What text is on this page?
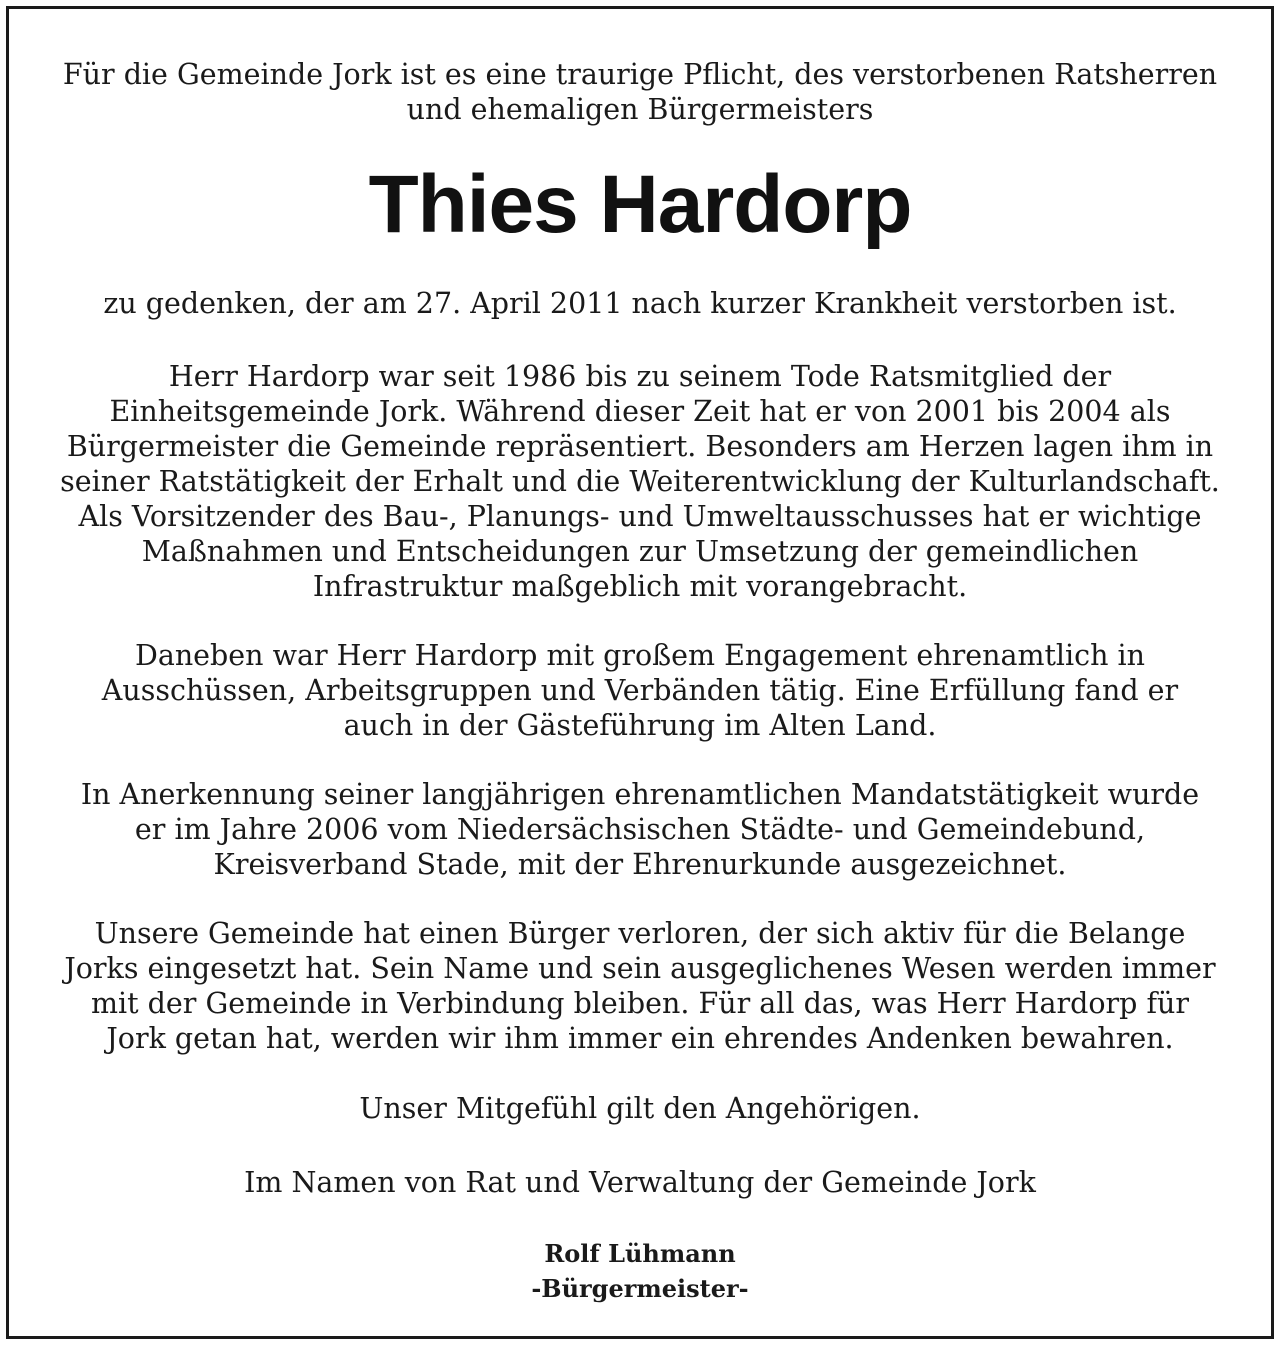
Für die Gemeinde Jork ist es eine traurige Pflicht, des verstorbenen Ratsherren
und ehemaligen Bürgermeisters
Thies Hardorp
zu gedenken, der am 27. April 2011 nach kurzer Krankheit verstorben ist.
Herr Hardorp war seit 1986 bis zu seinem Tode Ratsmitglied der
Einheitsgemeinde Jork. Während dieser Zeit hat er von 2001 bis 2004 als
Bürgermeister die Gemeinde repräsentiert. Besonders am Herzen lagen ihm in
seiner Ratstätigkeit der Erhalt und die Weiterentwicklung der Kulturlandschaft.
Als Vorsitzender des Bau-, Planungs- und Umweltausschusses hat er wichtige
Maßnahmen und Entscheidungen zur Umsetzung der gemeindlichen
Infrastruktur maßgeblich mit vorangebracht.
Daneben war Herr Hardorp mit großem Engagement ehrenamtlich in
Ausschüssen, Arbeitsgruppen und Verbänden tätig. Eine Erfüllung fand er
auch in der Gästeführung im Alten Land.
In Anerkennung seiner langjährigen ehrenamtlichen Mandatstätigkeit wurde
er im Jahre 2006 vom Niedersächsischen Städte- und Gemeindebund,
Kreisverband Stade, mit der Ehrenurkunde ausgezeichnet.
Unsere Gemeinde hat einen Bürger verloren, der sich aktiv für die Belange
Jorks eingesetzt hat. Sein Name und sein ausgeglichenes Wesen werden immer
mit der Gemeinde in Verbindung bleiben. Für all das, was Herr Hardorp für
Jork getan hat, werden wir ihm immer ein ehrendes Andenken bewahren.
Unser Mitgefühl gilt den Angehörigen.
Im Namen von Rat und Verwaltung der Gemeinde Jork
Rolf Lühmann
-Bürgermeister-
